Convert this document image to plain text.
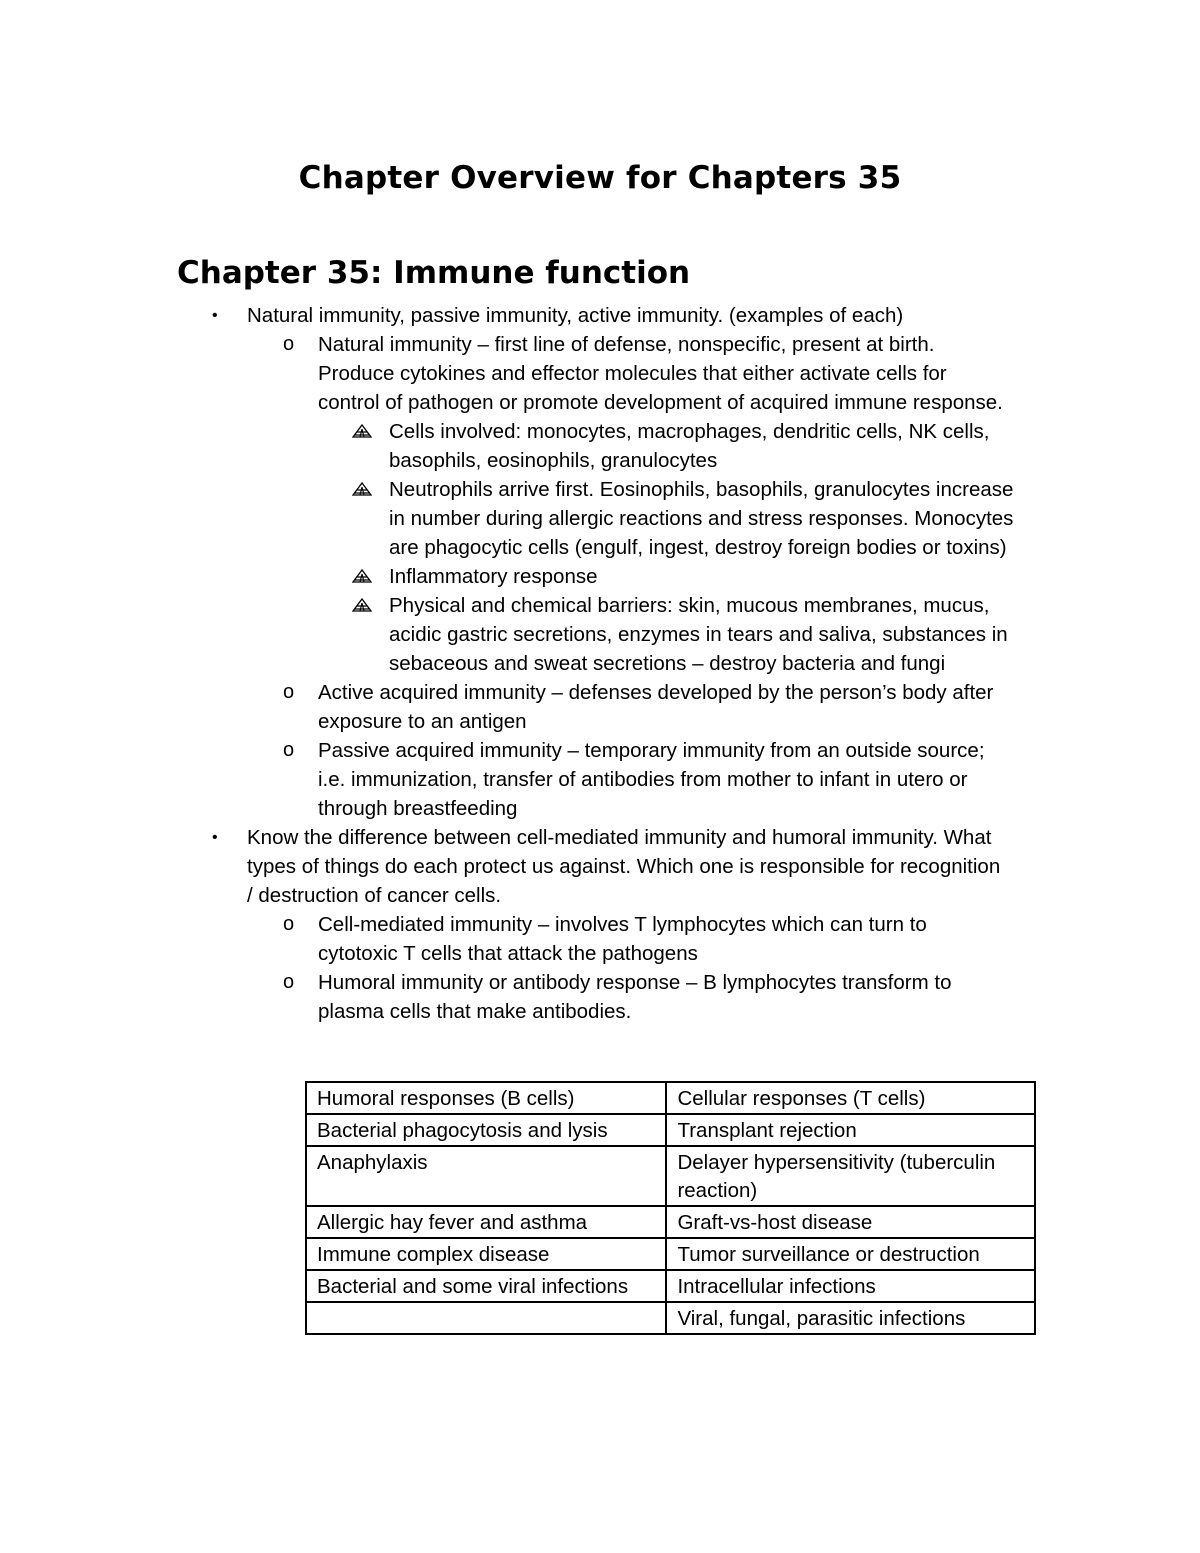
Chapter Overview for Chapters 35
Chapter 35: Immune function
• Natural immunity, passive immunity, active immunity. (examples of each)
o Natural immunity – first line of defense, nonspecific, present at birth. Produce cytokines and effector molecules that either activate cells for control of pathogen or promote development of acquired immune response.
Cells involved: monocytes, macrophages, dendritic cells, NK cells, basophils, eosinophils, granulocytes
Neutrophils arrive first. Eosinophils, basophils, granulocytes increase in number during allergic reactions and stress responses. Monocytes are phagocytic cells (engulf, ingest, destroy foreign bodies or toxins)
Inflammatory response
Physical and chemical barriers: skin, mucous membranes, mucus, acidic gastric secretions, enzymes in tears and saliva, substances in sebaceous and sweat secretions – destroy bacteria and fungi
o Active acquired immunity – defenses developed by the person’s body after exposure to an antigen
o Passive acquired immunity – temporary immunity from an outside source; i.e. immunization, transfer of antibodies from mother to infant in utero or through breastfeeding
• Know the difference between cell-mediated immunity and humoral immunity. What types of things do each protect us against. Which one is responsible for recognition / destruction of cancer cells.
o Cell-mediated immunity – involves T lymphocytes which can turn to cytotoxic T cells that attack the pathogens
o Humoral immunity or antibody response – B lymphocytes transform to plasma cells that make antibodies.
Humoral responses (B cells)	Cellular responses (T cells)
Bacterial phagocytosis and lysis	Transplant rejection
Anaphylaxis	Delayer hypersensitivity (tuberculin reaction)
Allergic hay fever and asthma	Graft-vs-host disease
Immune complex disease	Tumor surveillance or destruction
Bacterial and some viral infections	Intracellular infections
	Viral, fungal, parasitic infections
